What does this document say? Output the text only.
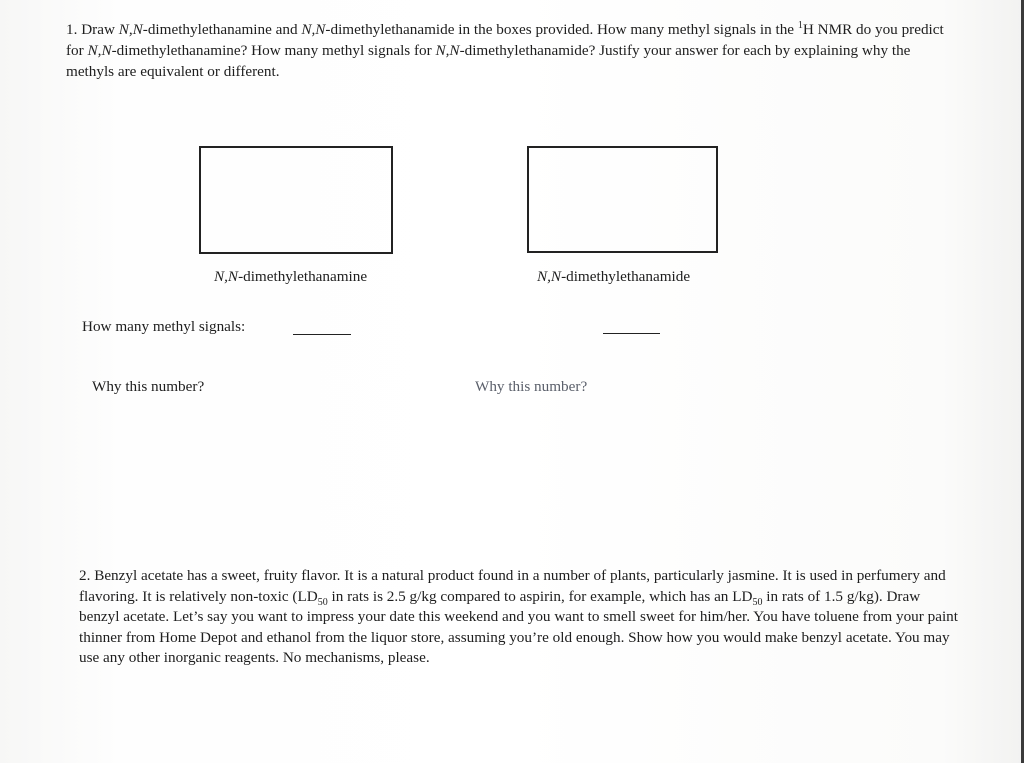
1. Draw N,N-dimethylethanamine and N,N-dimethylethanamide in the boxes provided. How many methyl signals in the $^1$H NMR do you predict for N,N-dimethylethanamine? How many methyl signals for N,N-dimethylethanamide? Justify your answer for each by explaining why the methyls are equivalent or different.

N,N-dimethylethanamine	N,N-dimethylethanamide
How many methyl signals:
Why this number?	Why this number?

2. Benzyl acetate has a sweet, fruity flavor. It is a natural product found in a number of plants, particularly jasmine. It is used in perfumery and flavoring. It is relatively non-toxic ($LD_{50}$ in rats is 2.5 g/kg compared to aspirin, for example, which has an $LD_{50}$ in rats of 1.5 g/kg). Draw benzyl acetate. Let’s say you want to impress your date this weekend and you want to smell sweet for him/her. You have toluene from your paint thinner from Home Depot and ethanol from the liquor store, assuming you’re old enough. Show how you would make benzyl acetate. You may use any other inorganic reagents. No mechanisms, please.
